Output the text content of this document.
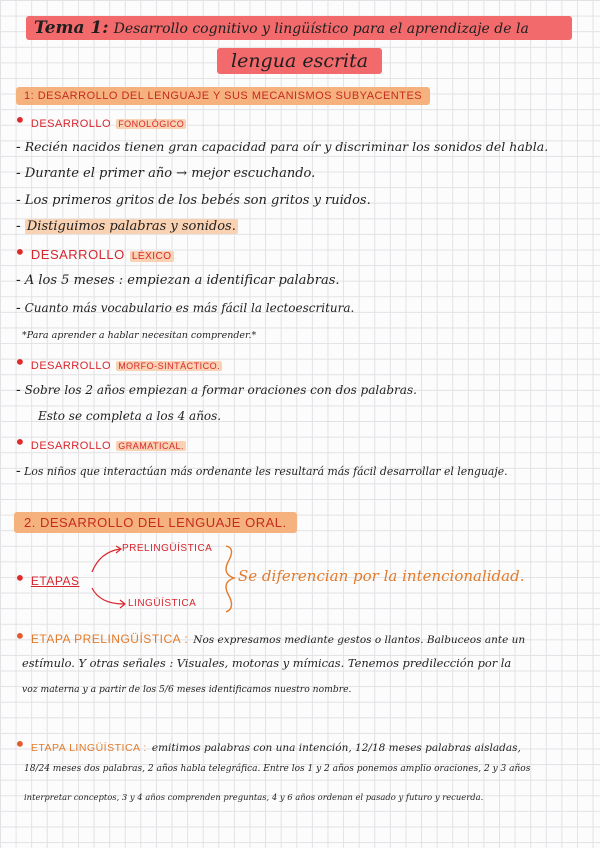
Tema 1: Desarrollo cognitivo y lingüístico para el aprendizaje de la
lengua escrita
1: DESARROLLO DEL LENGUAJE Y SUS MECANISMOS SUBYACENTES
• DESARROLLO FONOLÓGICO
- Recién nacidos tienen gran capacidad para oír y discriminar los sonidos del habla.
- Durante el primer año → mejor escuchando.
- Los primeros gritos de los bebés son gritos y ruidos.
- Distiguimos palabras y sonidos.
• DESARROLLO LÉXICO
- A los 5 meses : empiezan a identificar palabras.
- Cuanto más vocabulario es más fácil la lectoescritura.
*Para aprender a hablar necesitan comprender.*
• DESARROLLO MORFO-SINTÁCTICO.
- Sobre los 2 años empiezan a formar oraciones con dos palabras.
Esto se completa a los 4 años.
• DESARROLLO GRAMATICAL.
- Los niños que interactúan más ordenante les resultará más fácil desarrollar el lenguaje.
2. DESARROLLO DEL LENGUAJE ORAL.
• ETAPAS
PRELINGÜÍSTICA
LINGÜÍSTICA
Se diferencian por la intencionalidad.
• ETAPA PRELINGÜÍSTICA : Nos expresamos mediante gestos o llantos. Balbuceos ante un
estímulo. Y otras señales : Visuales, motoras y mímicas. Tenemos predilección por la
voz materna y a partir de los 5/6 meses identificamos nuestro nombre.
• ETAPA LINGÜÍSTICA : emitimos palabras con una intención, 12/18 meses palabras aisladas,
18/24 meses dos palabras, 2 años habla telegráfica. Entre los 1 y 2 años ponemos amplio oraciones, 2 y 3 años
interpretar conceptos, 3 y 4 años comprenden preguntas, 4 y 6 años ordenan el pasado y futuro y recuerda.
